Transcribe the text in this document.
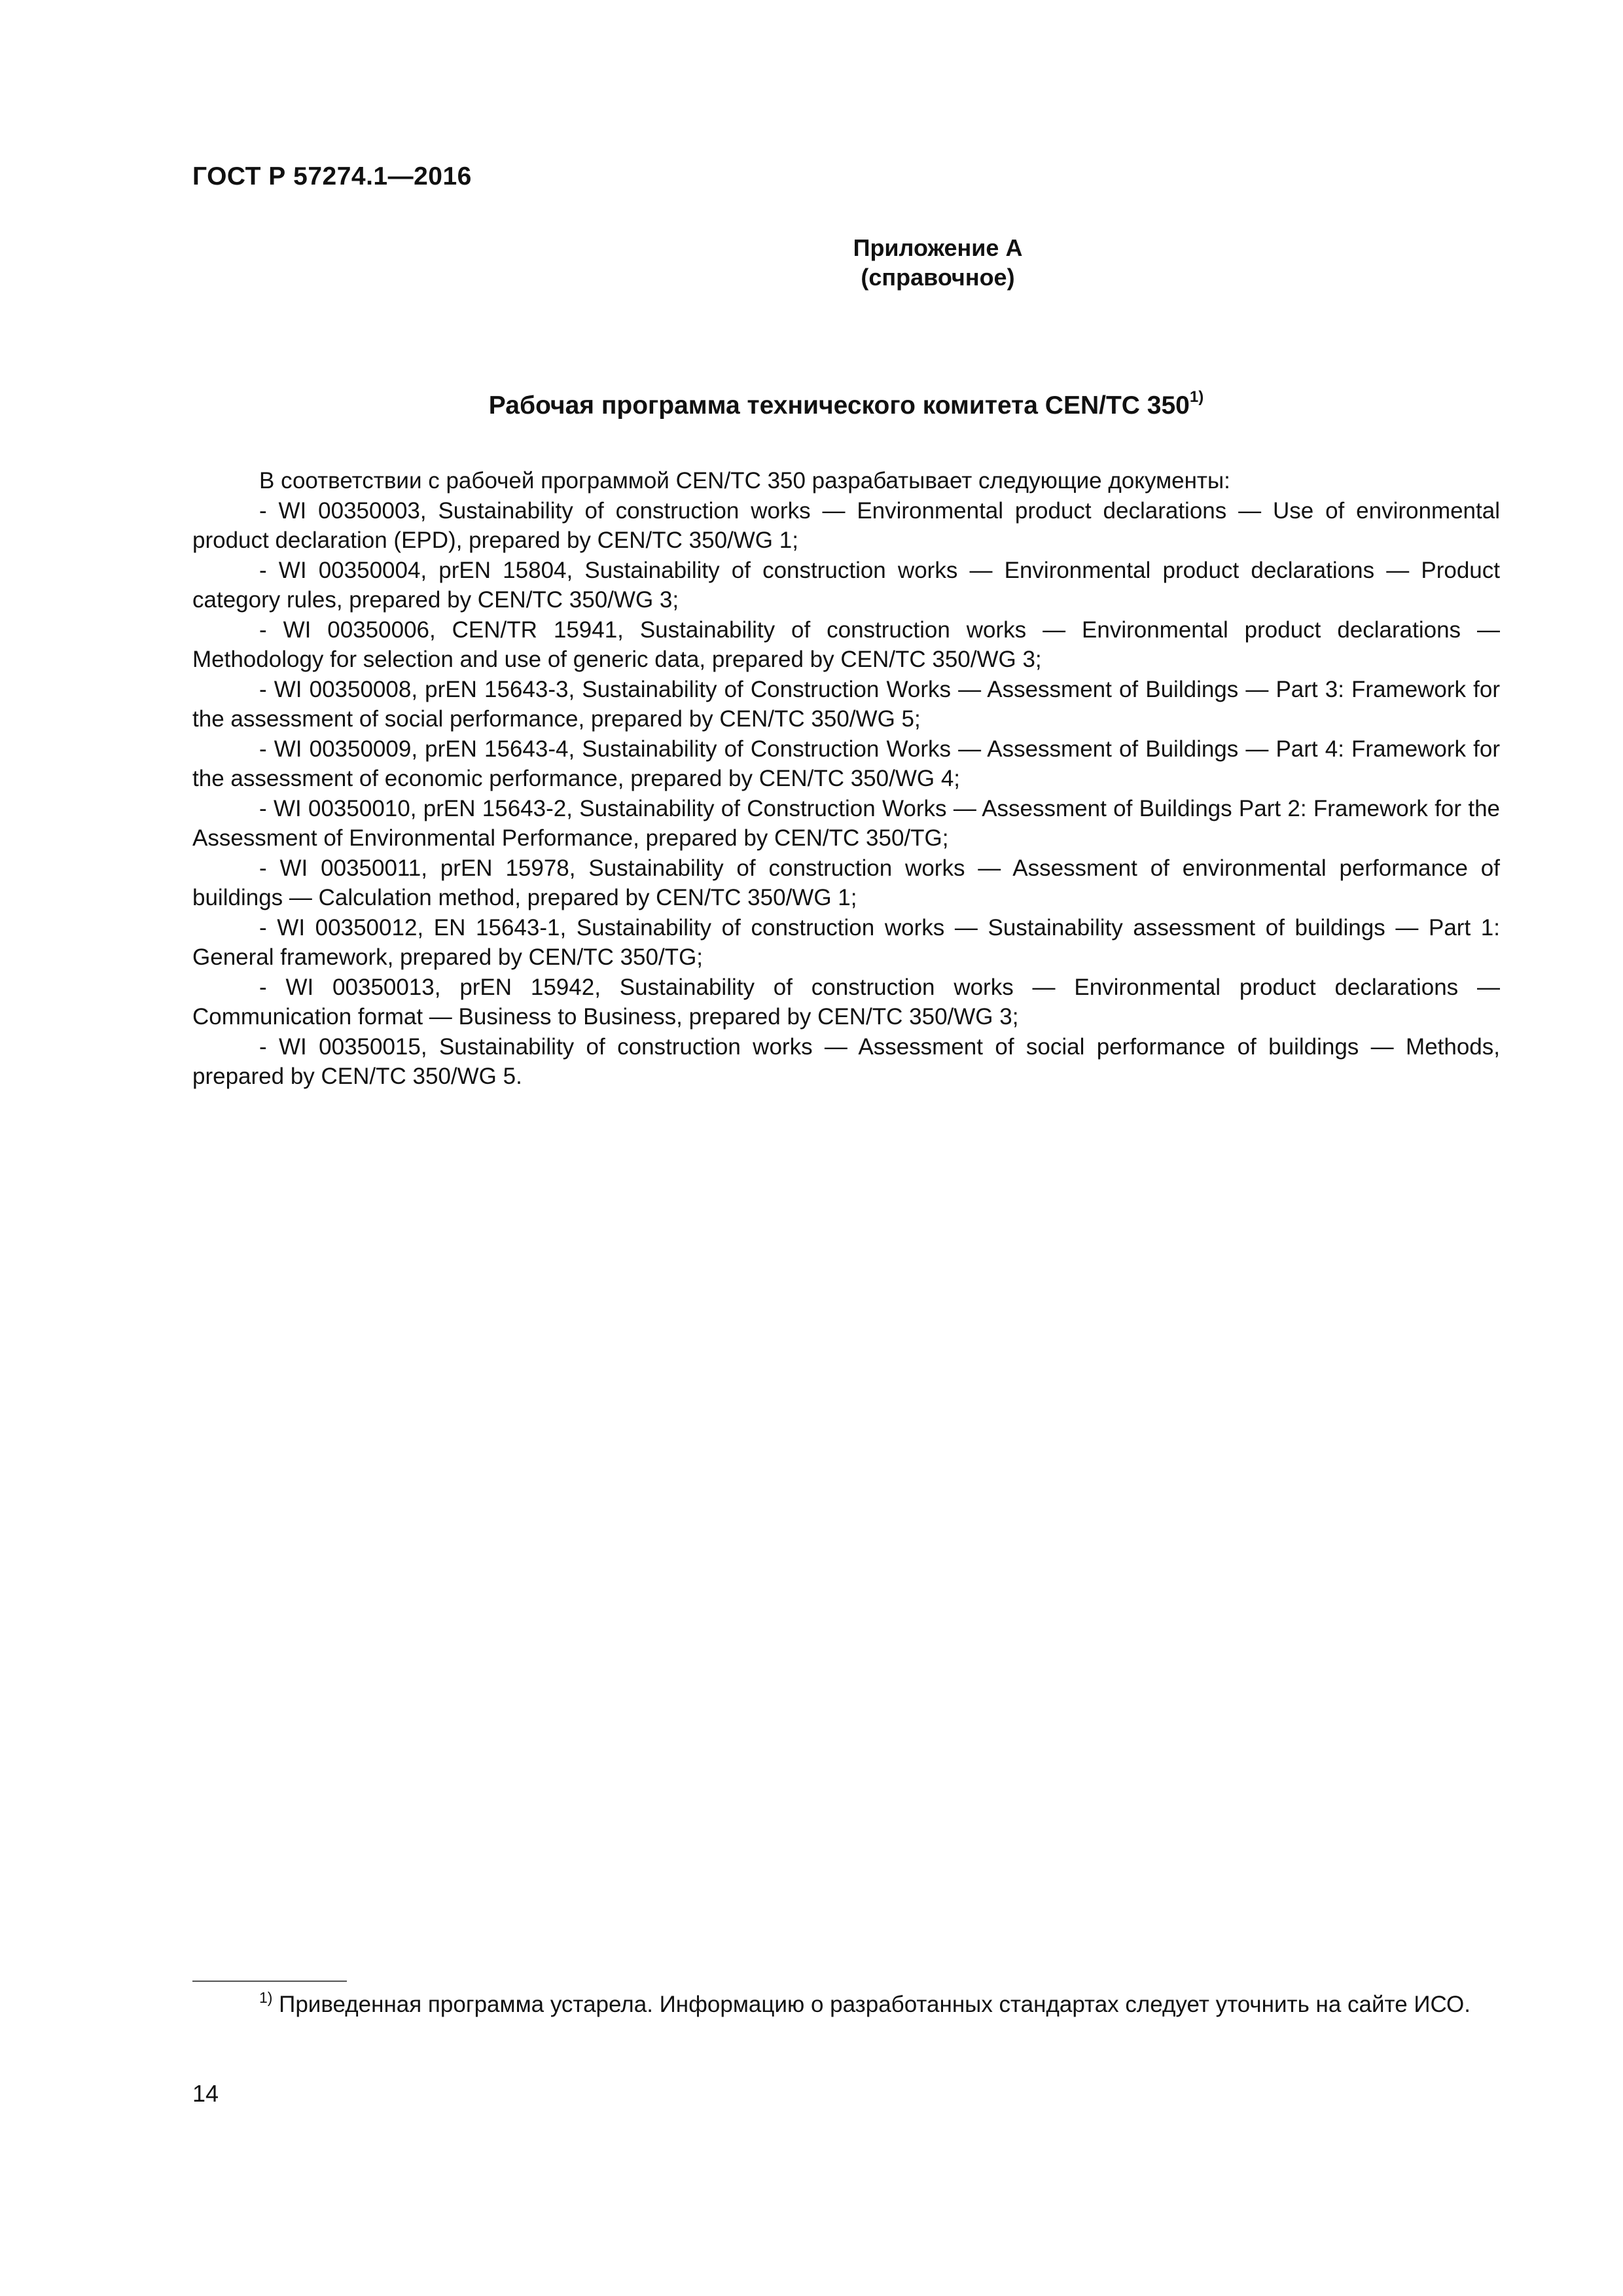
ГОСТ Р 57274.1—2016
Приложение А
(справочное)
Рабочая программа технического комитета CEN/TC 350$^{1)}$

В соответствии с рабочей программой CEN/TC 350 разрабатывает следующие документы:

- WI 00350003, Sustainability of construction works — Environmental product declarations — Use of environmental product declaration (EPD), prepared by CEN/TC 350/WG 1;

- WI 00350004, prEN 15804, Sustainability of construction works — Environmental product declarations — Product category rules, prepared by CEN/TC 350/WG 3;

- WI 00350006, CEN/TR 15941, Sustainability of construction works — Environmental product declarations — Methodology for selection and use of generic data, prepared by CEN/TC 350/WG 3;

- WI 00350008, prEN 15643-3, Sustainability of Construction Works — Assessment of Buildings — Part 3: Framework for the assessment of social performance, prepared by CEN/TC 350/WG 5;

- WI 00350009, prEN 15643-4, Sustainability of Construction Works — Assessment of Buildings — Part 4: Framework for the assessment of economic performance, prepared by CEN/TC 350/WG 4;

- WI 00350010, prEN 15643-2, Sustainability of Construction Works — Assessment of Buildings Part 2: Framework for the Assessment of Environmental Performance, prepared by CEN/TC 350/TG;

- WI 00350011, prEN 15978, Sustainability of construction works — Assessment of environmental performance of buildings — Calculation method, prepared by CEN/TC 350/WG 1;

- WI 00350012, EN 15643-1, Sustainability of construction works — Sustainability assessment of buildings — Part 1: General framework, prepared by CEN/TC 350/TG;

- WI 00350013, prEN 15942, Sustainability of construction works — Environmental product declarations — Communication format — Business to Business, prepared by CEN/TC 350/WG 3;

- WI 00350015, Sustainability of construction works — Assessment of social performance of buildings — Methods, prepared by CEN/TC 350/WG 5.

$^{1)}$ Приведенная программа устарела. Информацию о разработанных стандартах следует уточнить на сайте ИСО.

14
